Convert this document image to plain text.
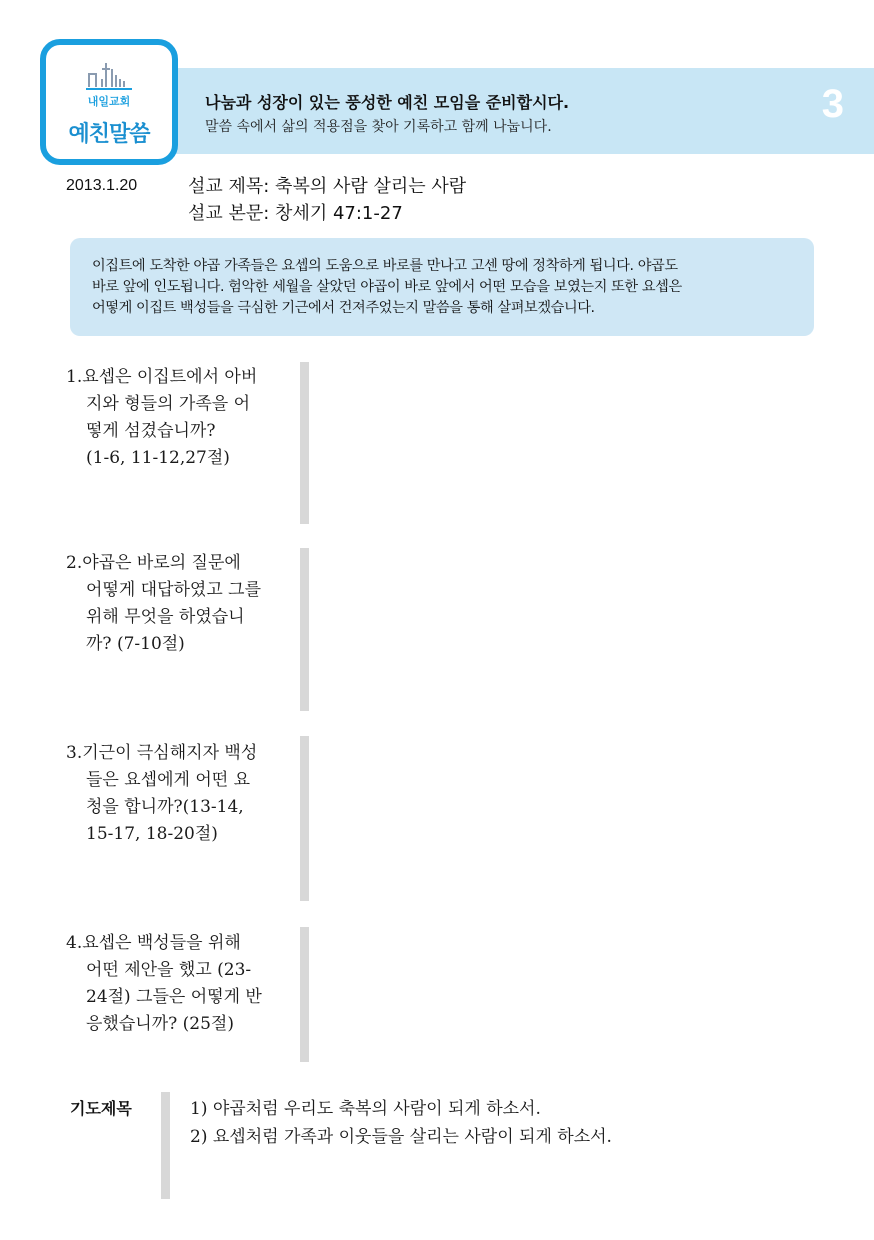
나눔과 성장이 있는 풍성한 예친 모임을 준비합시다.
말씀 속에서 삶의 적용점을 찾아 기록하고 함께 나눕니다.
3
내일교회
예친말씀
2013.1.20	설교 제목: 축복의 사람 살리는 사람
설교 본문: 창세기 47:1-27
이집트에 도착한 야곱 가족들은 요셉의 도움으로 바로를 만나고 고센 땅에 정착하게 됩니다. 야곱도
바로 앞에 인도됩니다. 험악한 세월을 살았던 야곱이 바로 앞에서 어떤 모습을 보였는지 또한 요셉은
어떻게 이집트 백성들을 극심한 기근에서 건져주었는지 말씀을 통해 살펴보겠습니다.
1.요셉은 이집트에서 아버
지와 형들의 가족을 어
떻게 섬겼습니까?
(1-6, 11-12,27절)
2.야곱은 바로의 질문에
어떻게 대답하였고 그를
위해 무엇을 하였습니
까? (7-10절)
3.기근이 극심해지자 백성
들은 요셉에게 어떤 요
청을 합니까?(13-14,
15-17, 18-20절)
4.요셉은 백성들을 위해
어떤 제안을 했고 (23-
24절) 그들은 어떻게 반
응했습니까? (25절)
기도제목	1) 야곱처럼 우리도 축복의 사람이 되게 하소서.
2) 요셉처럼 가족과 이웃들을 살리는 사람이 되게 하소서.
